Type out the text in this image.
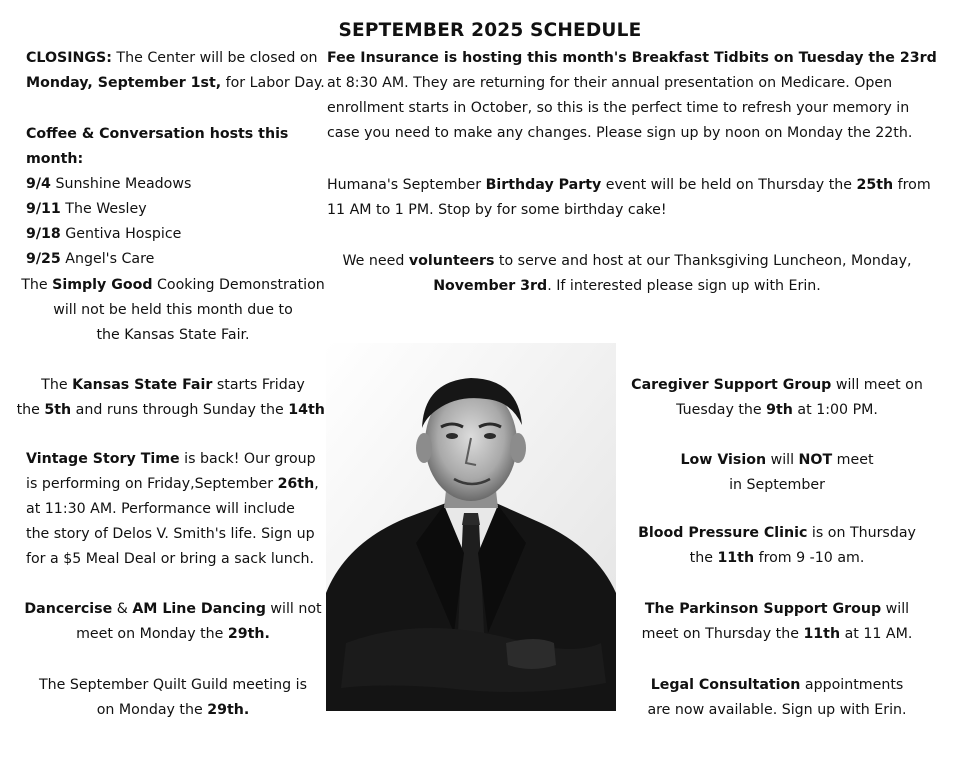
SEPTEMBER 2025 SCHEDULE
CLOSINGS: The Center will be closed on
Monday, September 1st, for Labor Day.
Coffee & Conversation hosts this month:
9/4 Sunshine Meadows
9/11 The Wesley
9/18 Gentiva Hospice
9/25 Angel's Care
The Simply Good Cooking Demonstration
will not be held this month due to
the Kansas State Fair.
The Kansas State Fair starts Friday
the 5th and runs through Sunday the 14th
Vintage Story Time is back! Our group
is performing on Friday,September 26th,
at 11:30 AM. Performance will include
the story of Delos V. Smith's life. Sign up
for a $5 Meal Deal or bring a sack lunch.
Dancercise & AM Line Dancing will not
meet on Monday the 29th.
The September Quilt Guild meeting is
on Monday the 29th.
Fee Insurance is hosting this month's Breakfast Tidbits on Tuesday the 23rd
at 8:30 AM. They are returning for their annual presentation on Medicare. Open
enrollment starts in October, so this is the perfect time to refresh your memory in
case you need to make any changes. Please sign up by noon on Monday the 22th.
Humana's September Birthday Party event will be held on Thursday the 25th from
11 AM to 1 PM. Stop by for some birthday cake!
We need volunteers to serve and host at our Thanksgiving Luncheon, Monday,
November 3rd. If interested please sign up with Erin.
Caregiver Support Group will meet on
Tuesday the 9th at 1:00 PM.
Low Vision will NOT meet
in September
Blood Pressure Clinic is on Thursday
the 11th from 9 -10 am.
The Parkinson Support Group will
meet on Thursday the 11th at 11 AM.
Legal Consultation appointments
are now available. Sign up with Erin.
